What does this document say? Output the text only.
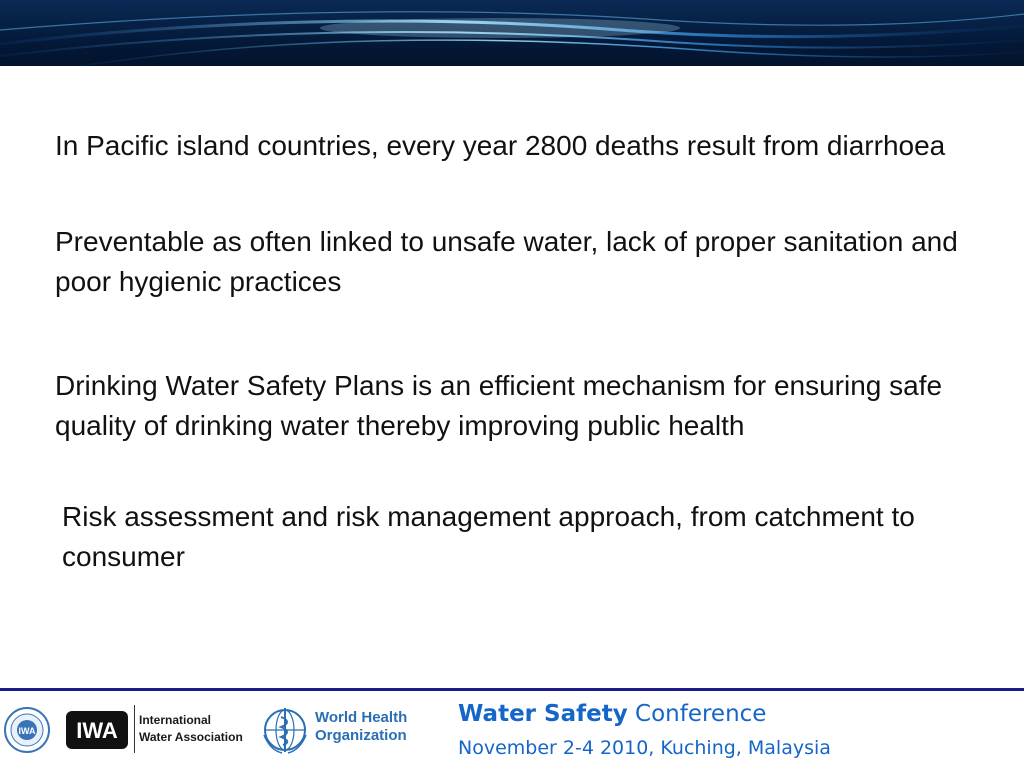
In Pacific island countries, every year 2800 deaths result from diarrhoea

Preventable as often linked to unsafe water, lack of proper sanitation and poor hygienic practices

Drinking Water Safety Plans is an efficient mechanism for ensuring safe quality of drinking water thereby improving public health

Risk assessment and risk management approach, from catchment to consumer

IWA IWA International
Water Association
World Health
Organization
Water Safety Conference
November 2-4 2010, Kuching, Malaysia
